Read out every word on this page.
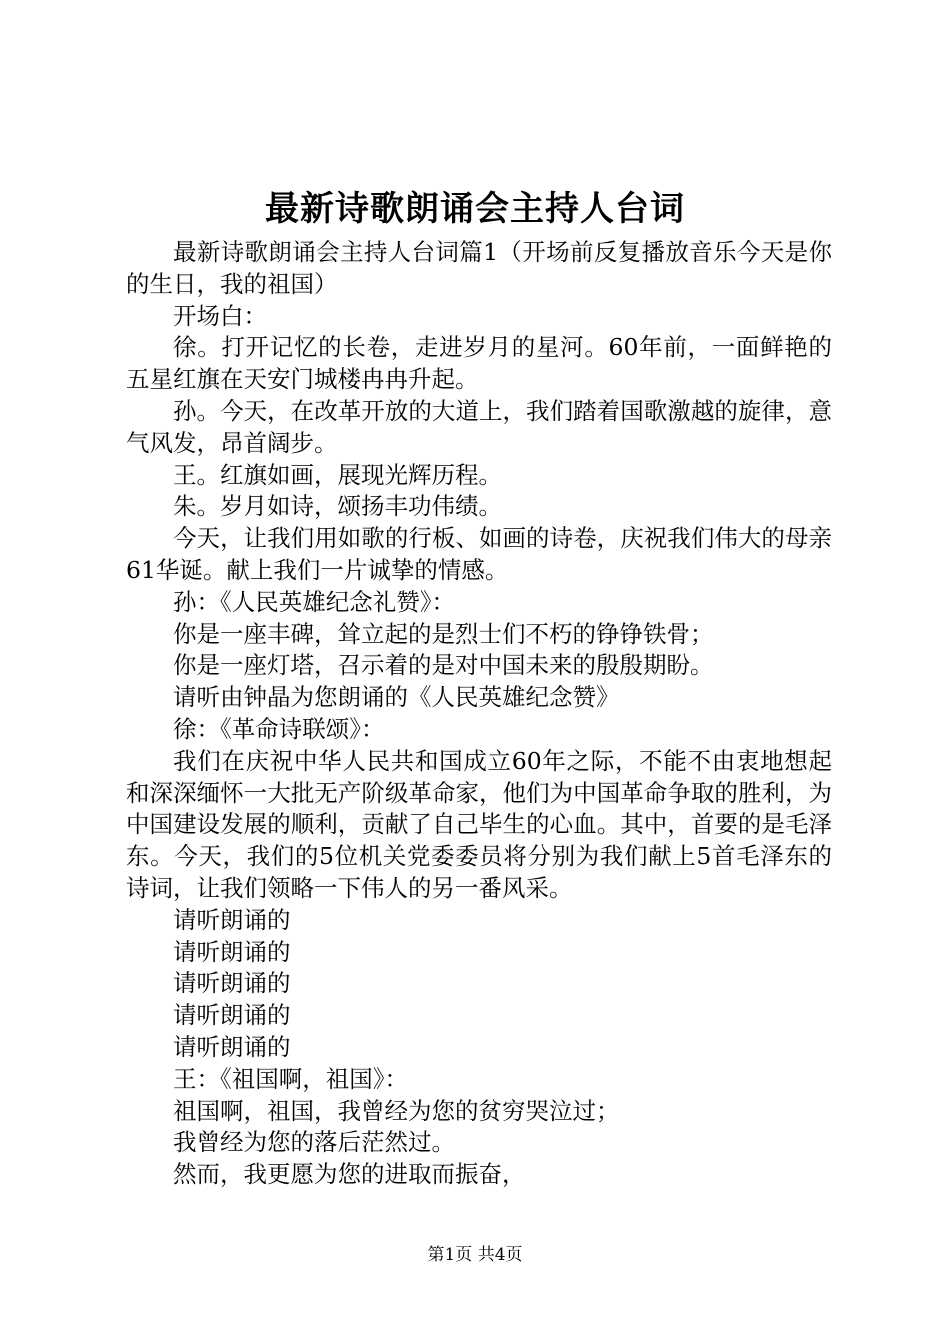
最新诗歌朗诵会主持人台词

最新诗歌朗诵会主持人台词篇1（开场前反复播放音乐今天是你的生日，我的祖国）

开场白：

徐。打开记忆的长卷，走进岁月的星河。60年前，一面鲜艳的五星红旗在天安门城楼冉冉升起。

孙。今天，在改革开放的大道上，我们踏着国歌激越的旋律，意气风发，昂首阔步。

王。红旗如画，展现光辉历程。

朱。岁月如诗，颂扬丰功伟绩。

今天，让我们用如歌的行板、如画的诗卷，庆祝我们伟大的母亲61华诞。献上我们一片诚挚的情感。

孙：《人民英雄纪念礼赞》：

你是一座丰碑，耸立起的是烈士们不朽的铮铮铁骨；

你是一座灯塔，召示着的是对中国未来的殷殷期盼。

请听由钟晶为您朗诵的《人民英雄纪念赞》

徐：《革命诗联颂》：

我们在庆祝中华人民共和国成立60年之际，不能不由衷地想起和深深缅怀一大批无产阶级革命家，他们为中国革命争取的胜利，为中国建设发展的顺利，贡献了自己毕生的心血。其中，首要的是毛泽东。今天，我们的5位机关党委委员将分别为我们献上5首毛泽东的诗词，让我们领略一下伟人的另一番风采。

请听朗诵的

请听朗诵的

请听朗诵的

请听朗诵的

请听朗诵的

王：《祖国啊，祖国》：

祖国啊，祖国，我曾经为您的贫穷哭泣过；

我曾经为您的落后茫然过。

然而，我更愿为您的进取而振奋，

第1页 共4页
